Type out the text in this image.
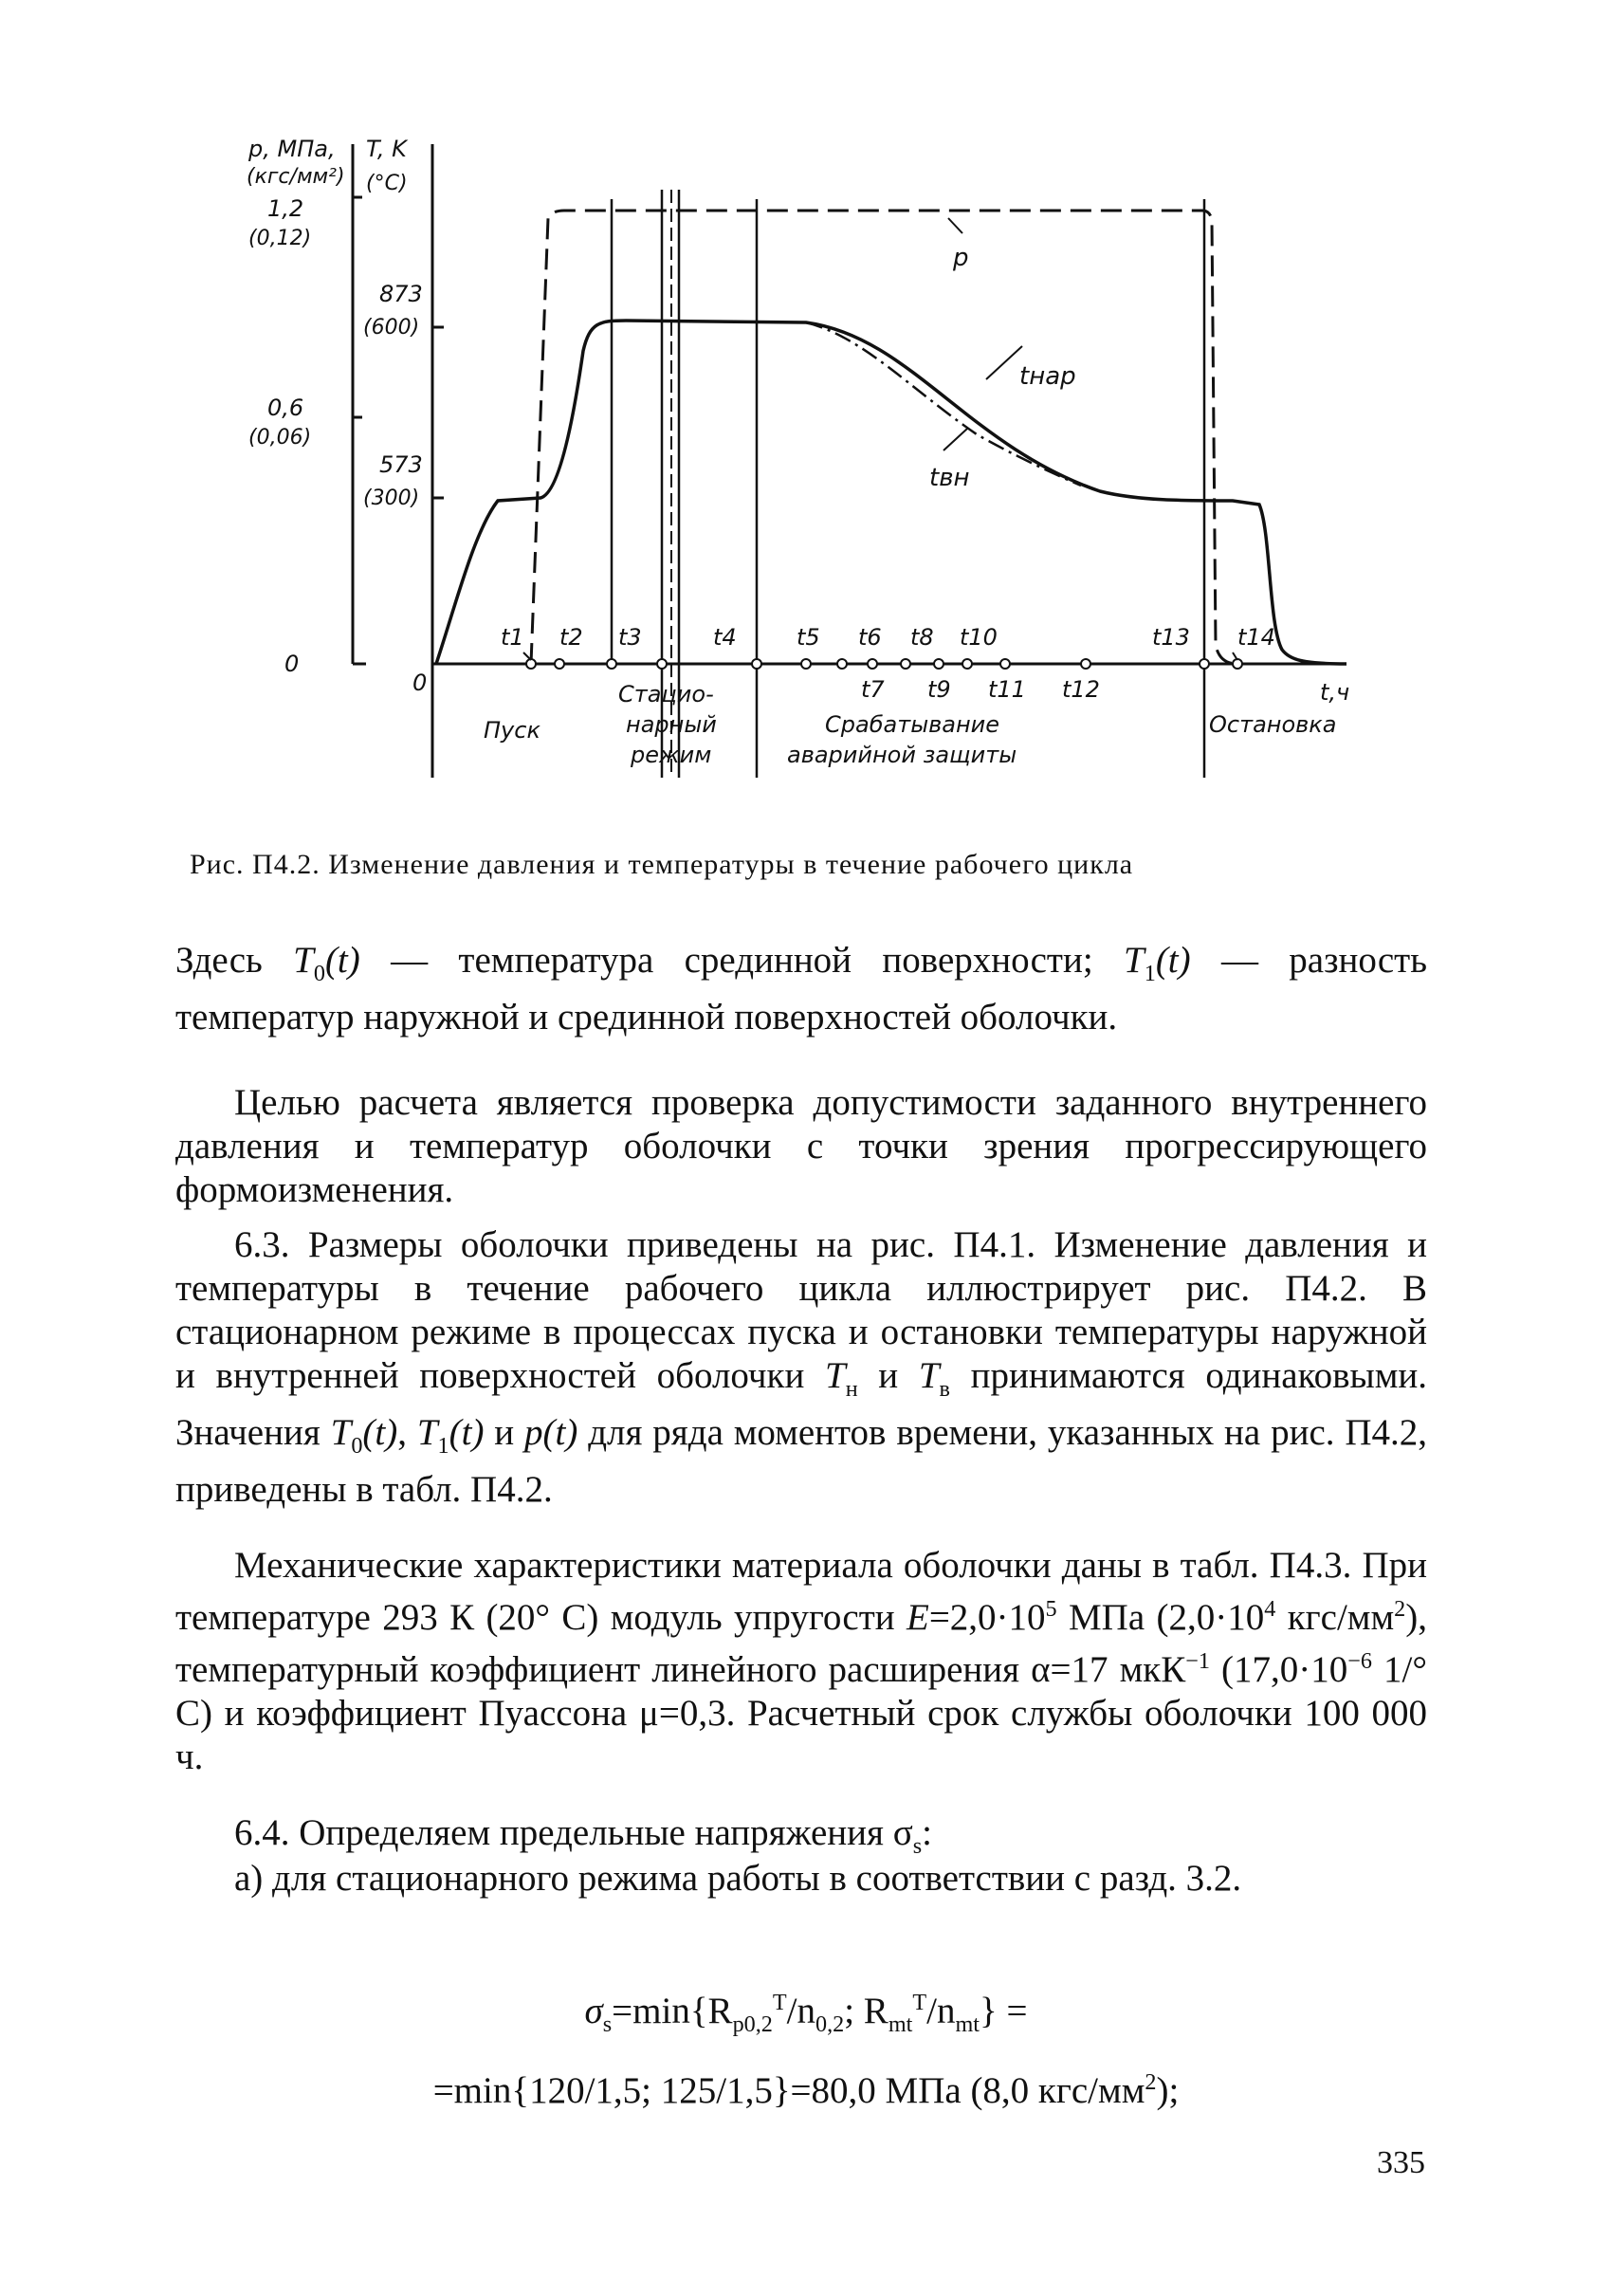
p, МПа,
(кгс/мм²)
1,2
(0,12)
0,6
(0,06)
0
T, K
(°C)
873
(600)
573
(300)
0
p
tнар
tвн
t1 t2 t3	t4	t5 t6 t8 t10	t13 t14
t7 t9 t11 t12	t,ч
Пуск
Стацио-
нарный
режим
Срабатывание
аварийной защиты
Остановка
Рис. П4.2. Изменение давления и температуры в течение рабочего цикла

Здесь $T_0(t)$ — температура срединной поверхности; $T_1(t)$ — разность температур наружной и срединной поверхностей оболочки.

Целью расчета является проверка допустимости заданного внутреннего давления и температур оболочки с точки зрения прогрессирующего формоизменения.

6.3. Размеры оболочки приведены на рис. П4.1. Изменение давления и температуры в течение рабочего цикла иллюстрирует рис. П4.2. В стационарном режиме в процессах пуска и остановки температуры наружной и внутренней поверхностей оболочки $T_н$ и $T_в$ принимаются одинаковыми. Значения $T_0(t)$, $T_1(t)$ и p(t) для ряда моментов времени, указанных на рис. П4.2, приведены в табл. П4.2.

Механические характеристики материала оболочки даны в табл. П4.3. При температуре 293 К (20° С) модуль упругости $E=2,0\cdot 10^5$ МПа ($2,0\cdot 10^4$ кгс/$мм^2$), температурный коэффициент линейного расширения α=17 мкК$^{-1}$ ($17,0\cdot 10^{-6}$ 1/° С) и коэффициент Пуассона μ=0,3. Расчетный срок службы оболочки 100 000 ч.

6.4. Определяем предельные напряжения $\sigma_s$:

а) для стационарного режима работы в соответствии с разд. 3.2.

$\sigma_s=\min\{R_{p0,2}^T/n_{0,2}$; $R_{mt}^T/n_{mt}$} =
=min{120/1,5; 125/1,5}=80,0 МПа (8,0 кгс/$мм^2$);
335
